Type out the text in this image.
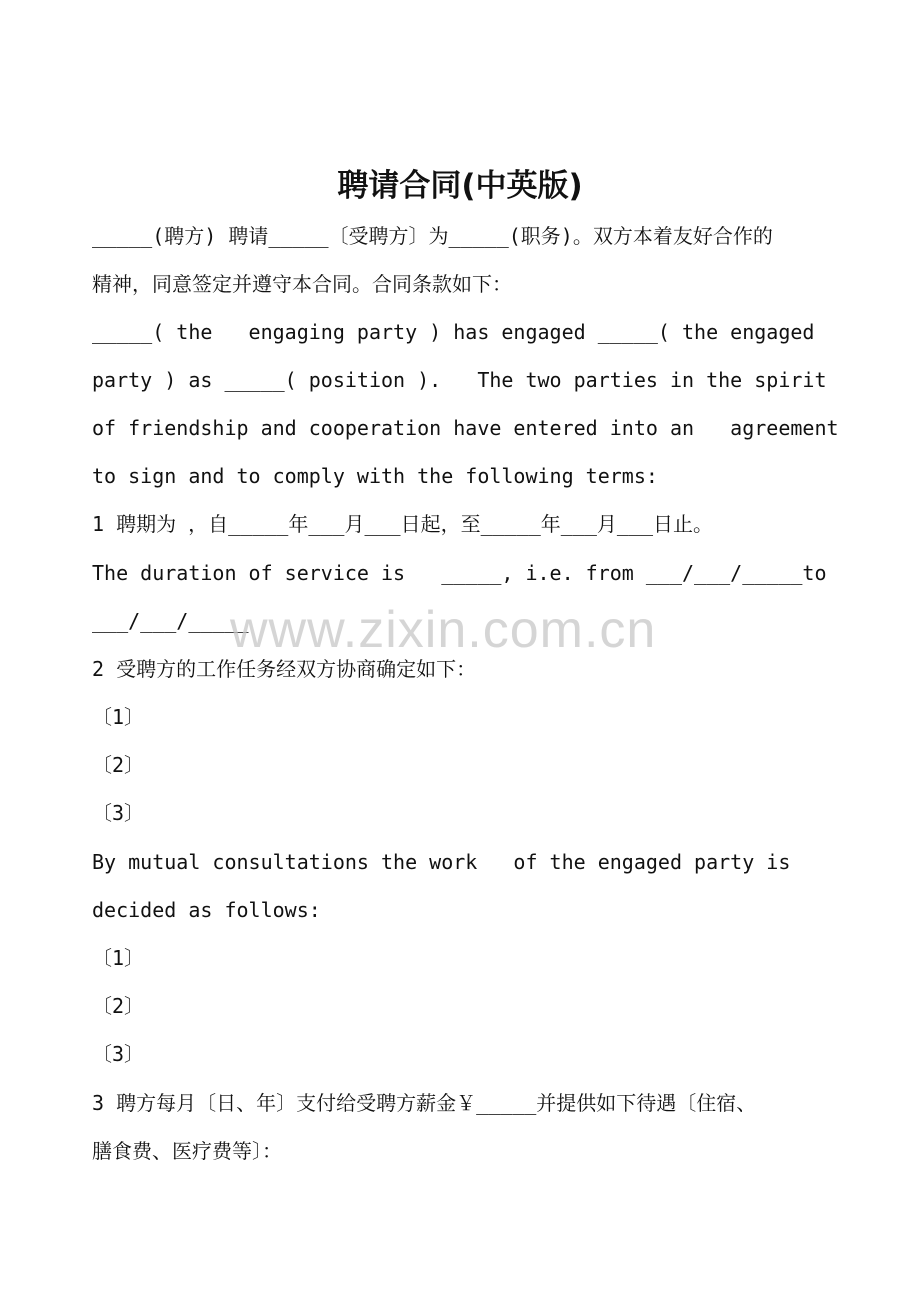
聘请合同(中英版)

_____(聘方) 聘请_____〔受聘方〕为_____(职务)。双方本着友好合作的

精神，同意签定并遵守本合同。合同条款如下：

_____( the   engaging party ) has engaged _____( the engaged

party ) as _____( position ).   The two parties in the spirit

of friendship and cooperation have entered into an   agreement

to sign and to comply with the following terms:

1 聘期为 ，自_____年___月___日起，至_____年___月___日止。

The duration of service is   _____, i.e. from ___/___/_____to

___/___/_____

2 受聘方的工作任务经双方协商确定如下：

〔1〕

〔2〕

〔3〕

By mutual consultations the work   of the engaged party is

decided as follows:

〔1〕

〔2〕

〔3〕

3 聘方每月〔日、年〕支付给受聘方薪金￥_____并提供如下待遇〔住宿、

膳食费、医疗费等〕：

www.zixin.com.cn
